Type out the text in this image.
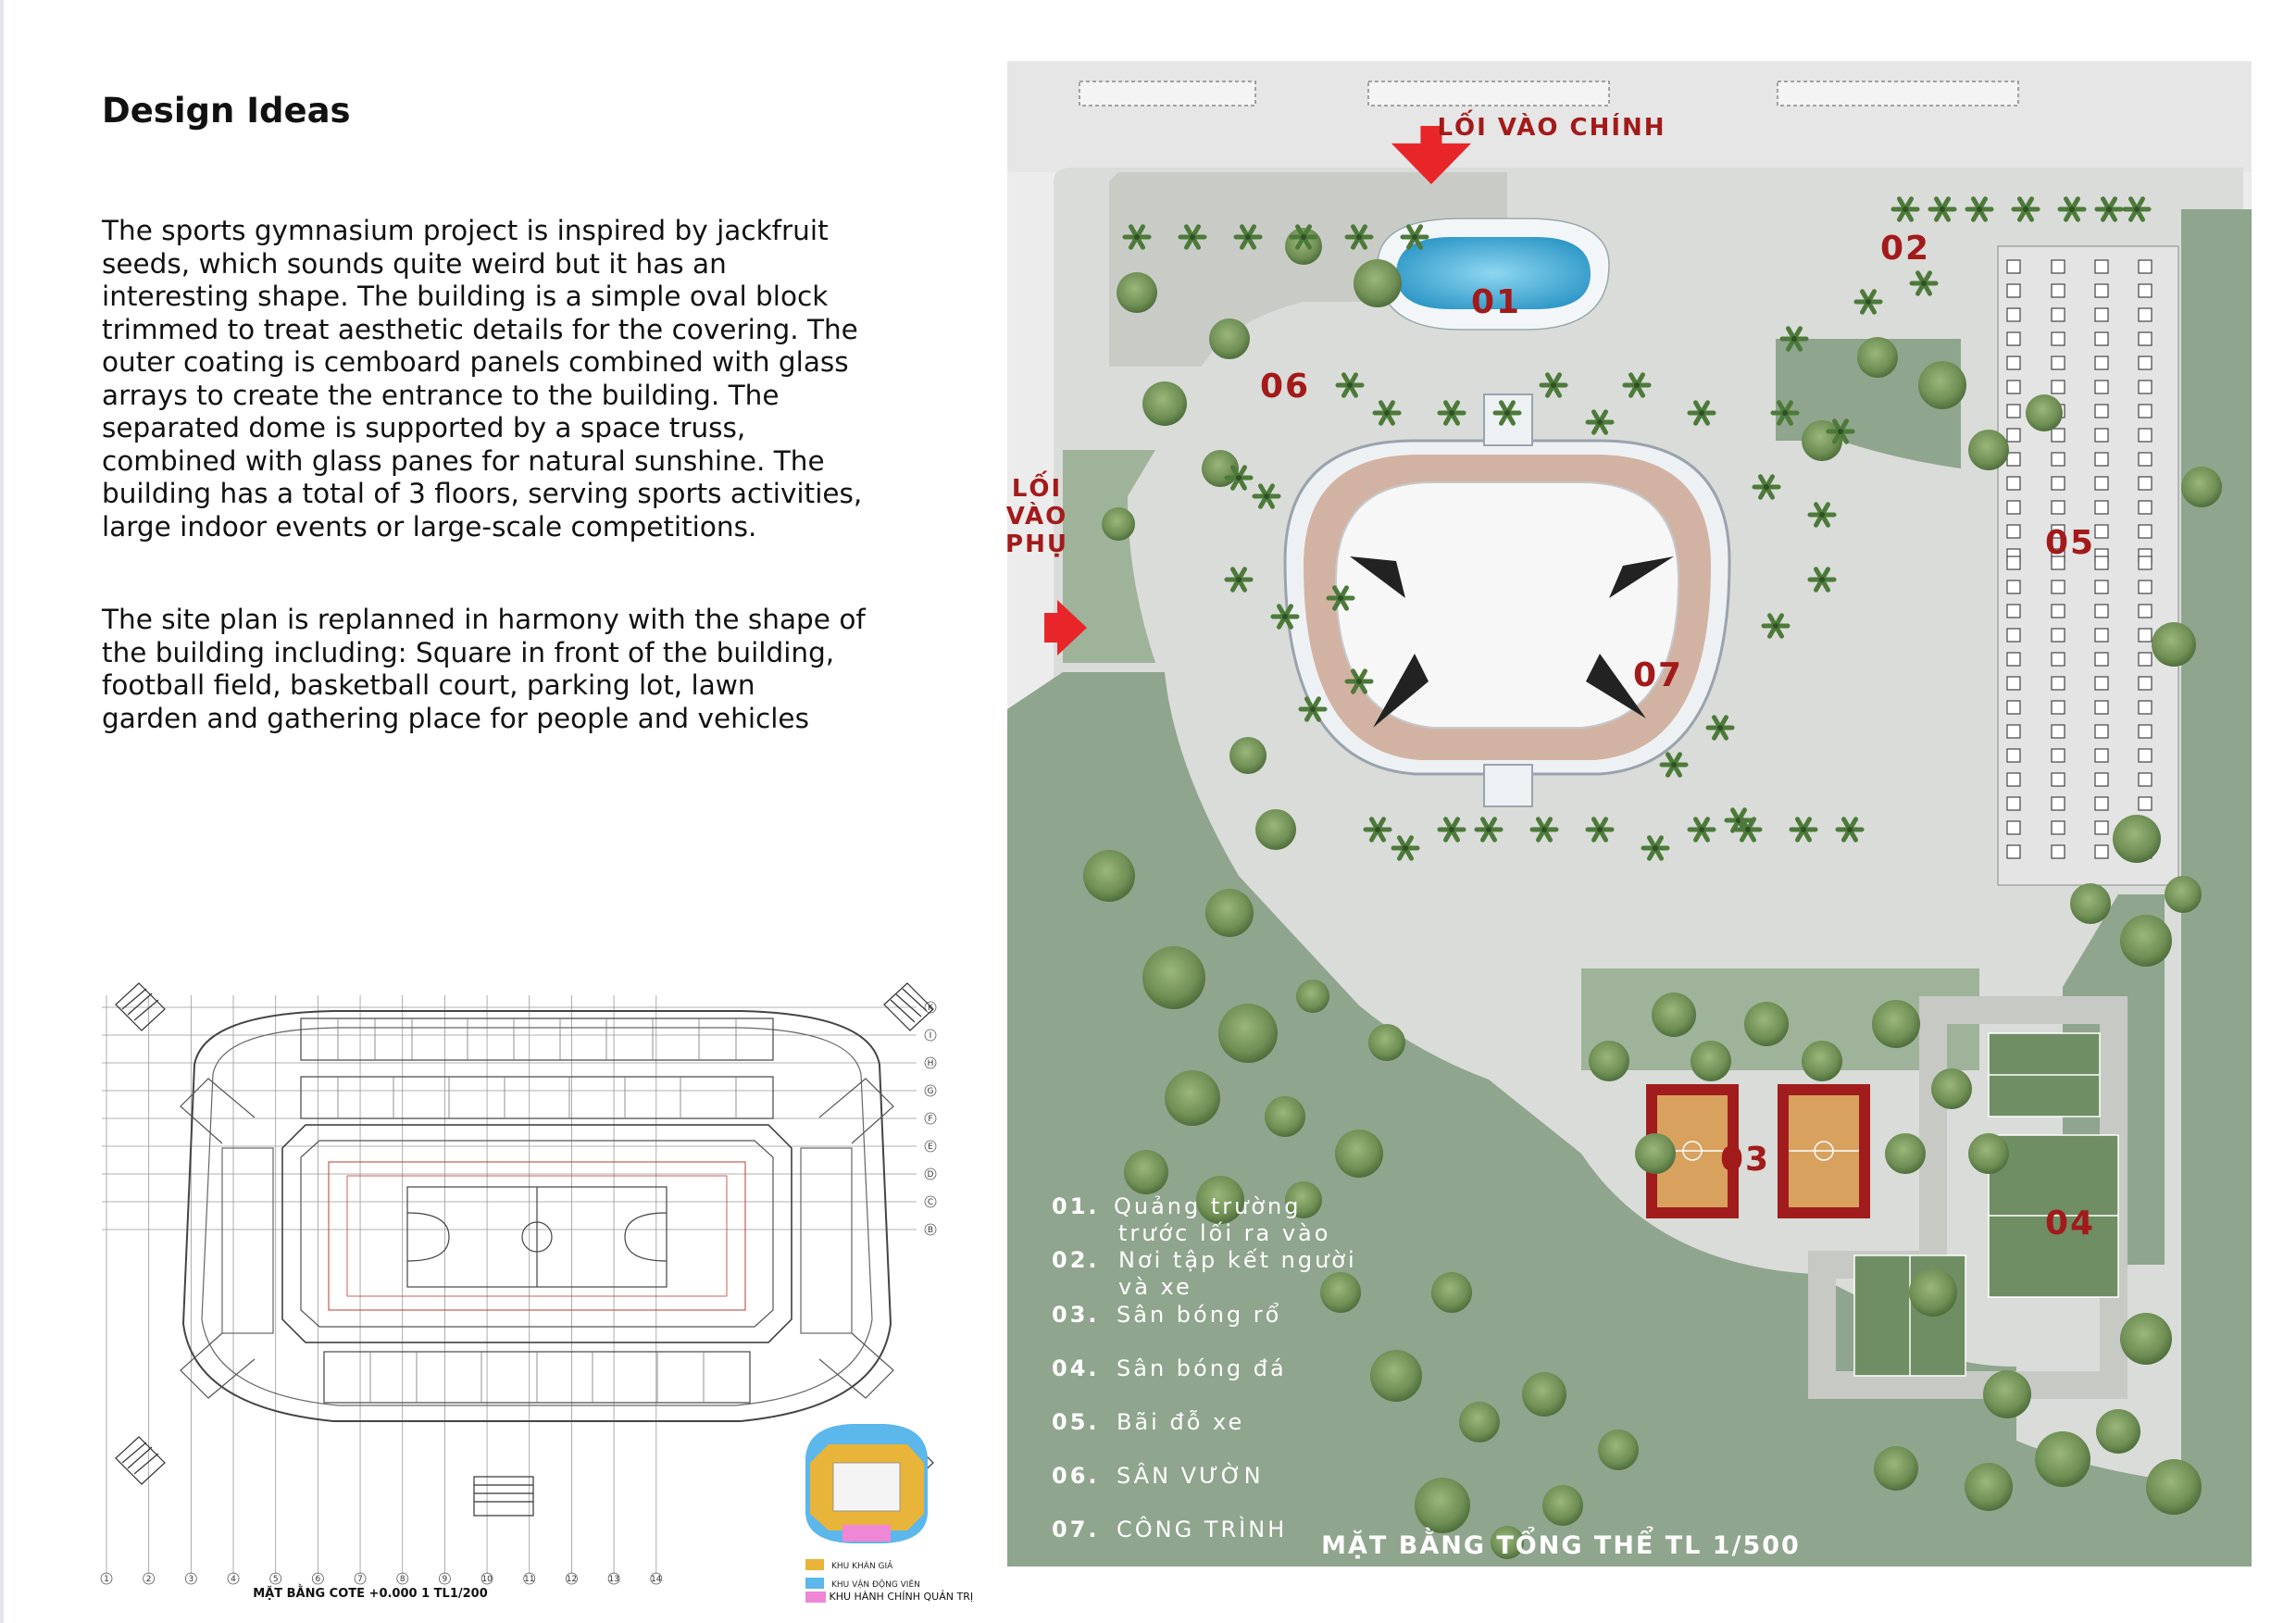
Design Ideas

The sports gymnasium project is inspired by jackfruit
seeds, which sounds quite weird but it has an
interesting shape. The building is a simple oval block
trimmed to treat aesthetic details for the covering. The
outer coating is cemboard panels combined with glass
arrays to create the entrance to the building. The
separated dome is supported by a space truss,
combined with glass panes for natural sunshine. The
building has a total of 3 floors, serving sports activities,
large indoor events or large-scale competitions.

The site plan is replanned in harmony with the shape of
the building including: Square in front of the building,
football field, basketball court, parking lot, lawn
garden and gathering place for people and vehicles

1	2	3	4	5	6	7	8	9	10	11	12	13	14
K
I
H
G
F
E
D
C
B
MẶT BẰNG COTE +0.000 1 TL1/200
KHU KHÁN GIẢ
KHU VẬN ĐỘNG VIÊN
KHU HÀNH CHÍNH QUẢN TRỊ
LỐI VÀO CHÍNH
LỐI
VÀO
PHỤ
01
02
03
04
05
06
07
01. Quảng trường
trước lối ra vào
02. Nơi tập kết người
và xe
03. Sân bóng rổ
04. Sân bóng đá
05. Bãi đỗ xe
06. SÂN VƯỜN
07. CÔNG TRÌNH
MẶT BẰNG TỔNG THỂ TL 1/500
